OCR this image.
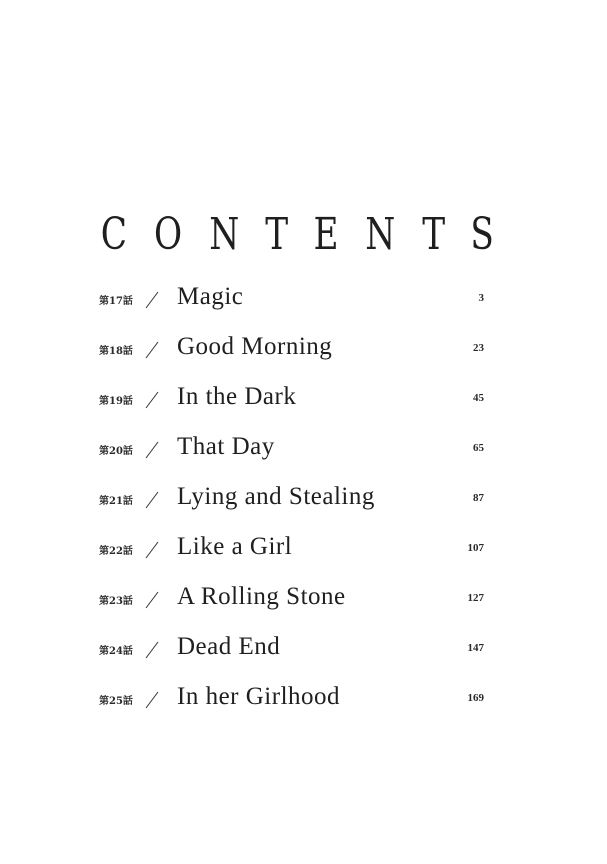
C O N T E N T S
第17話 Magic	3
第18話 Good Morning	23
第19話 In the Dark	45
第20話 That Day	65
第21話 Lying and Stealing	87
第22話 Like a Girl	107
第23話 A Rolling Stone	127
第24話 Dead End	147
第25話 In her Girlhood	169
